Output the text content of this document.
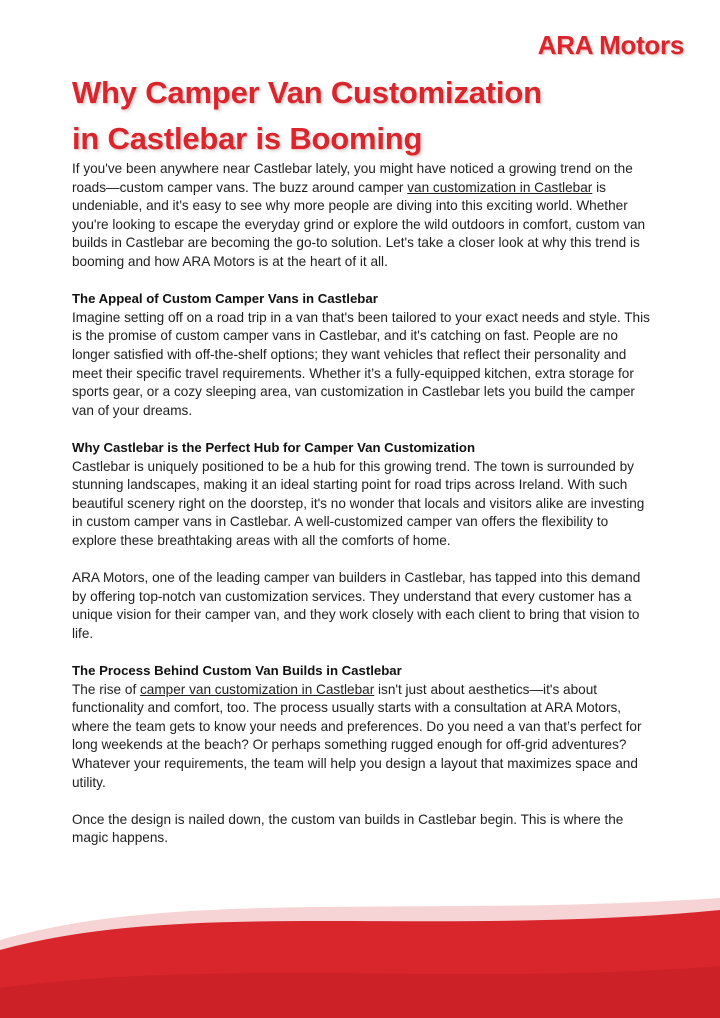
ARA Motors
Why Camper Van Customization
in Castlebar is Booming

If you've been anywhere near Castlebar lately, you might have noticed a growing trend on the roads—custom camper vans. The buzz around camper van customization in Castlebar is undeniable, and it's easy to see why more people are diving into this exciting world. Whether you're looking to escape the everyday grind or explore the wild outdoors in comfort, custom van builds in Castlebar are becoming the go-to solution. Let's take a closer look at why this trend is booming and how ARA Motors is at the heart of it all.

The Appeal of Custom Camper Vans in Castlebar

Imagine setting off on a road trip in a van that's been tailored to your exact needs and style. This is the promise of custom camper vans in Castlebar, and it's catching on fast. People are no longer satisfied with off-the-shelf options; they want vehicles that reflect their personality and meet their specific travel requirements. Whether it’s a fully-equipped kitchen, extra storage for sports gear, or a cozy sleeping area, van customization in Castlebar lets you build the camper van of your dreams.

Why Castlebar is the Perfect Hub for Camper Van Customization

Castlebar is uniquely positioned to be a hub for this growing trend. The town is surrounded by stunning landscapes, making it an ideal starting point for road trips across Ireland. With such beautiful scenery right on the doorstep, it's no wonder that locals and visitors alike are investing in custom camper vans in Castlebar. A well-customized camper van offers the flexibility to explore these breathtaking areas with all the comforts of home.

ARA Motors, one of the leading camper van builders in Castlebar, has tapped into this demand by offering top-notch van customization services. They understand that every customer has a unique vision for their camper van, and they work closely with each client to bring that vision to life.

The Process Behind Custom Van Builds in Castlebar

The rise of camper van customization in Castlebar isn't just about aesthetics—it's about functionality and comfort, too. The process usually starts with a consultation at ARA Motors, where the team gets to know your needs and preferences. Do you need a van that’s perfect for long weekends at the beach? Or perhaps something rugged enough for off-grid adventures? Whatever your requirements, the team will help you design a layout that maximizes space and utility.

Once the design is nailed down, the custom van builds in Castlebar begin. This is where the magic happens.
